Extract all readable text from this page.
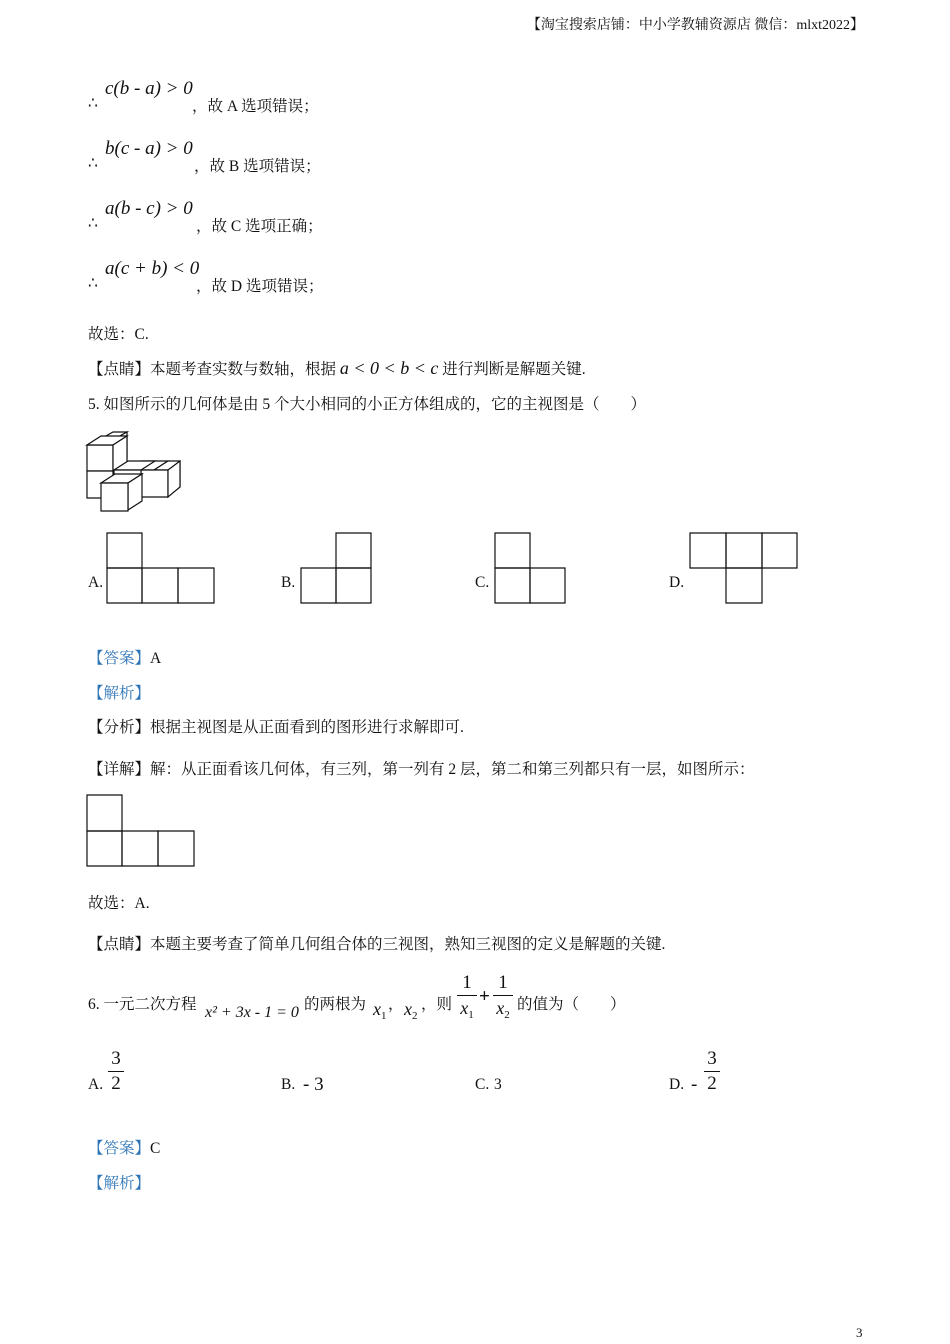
【淘宝搜索店铺：中小学教辅资源店 微信：mlxt2022】
∴
c(b - a) > 0
，故 A 选项错误；
∴
b(c - a) > 0
，故 B 选项错误；
∴
a(b - c) > 0
，故 C 选项正确；
∴
a(c + b) < 0
，故 D 选项错误；
故选：C.
【点睛】本题考查实数与数轴，根据 a < 0 < b < c 进行判断是解题关键.
5. 如图所示的几何体是由 5 个大小相同的小正方体组成的，它的主视图是（　　）
A.	B.	C.	D.
【答案】A
【解析】
【分析】根据主视图是从正面看到的图形进行求解即可.
【详解】解：从正面看该几何体，有三列，第一列有 2 层，第二和第三列都只有一层，如图所示：
故选：A.
【点睛】本题主要考查了简单几何组合体的三视图，熟知三视图的定义是解题的关键.
6. 一元二次方程 x² + 3x - 1 = 0 的两根为 $x_1$
， $x_2$
，则
1
$x_1$
+
1
$x_2$
的值为（　　）
A.
3
2	B. - 3	C. 3	D. -
3
2
【答案】C
【解析】
3
